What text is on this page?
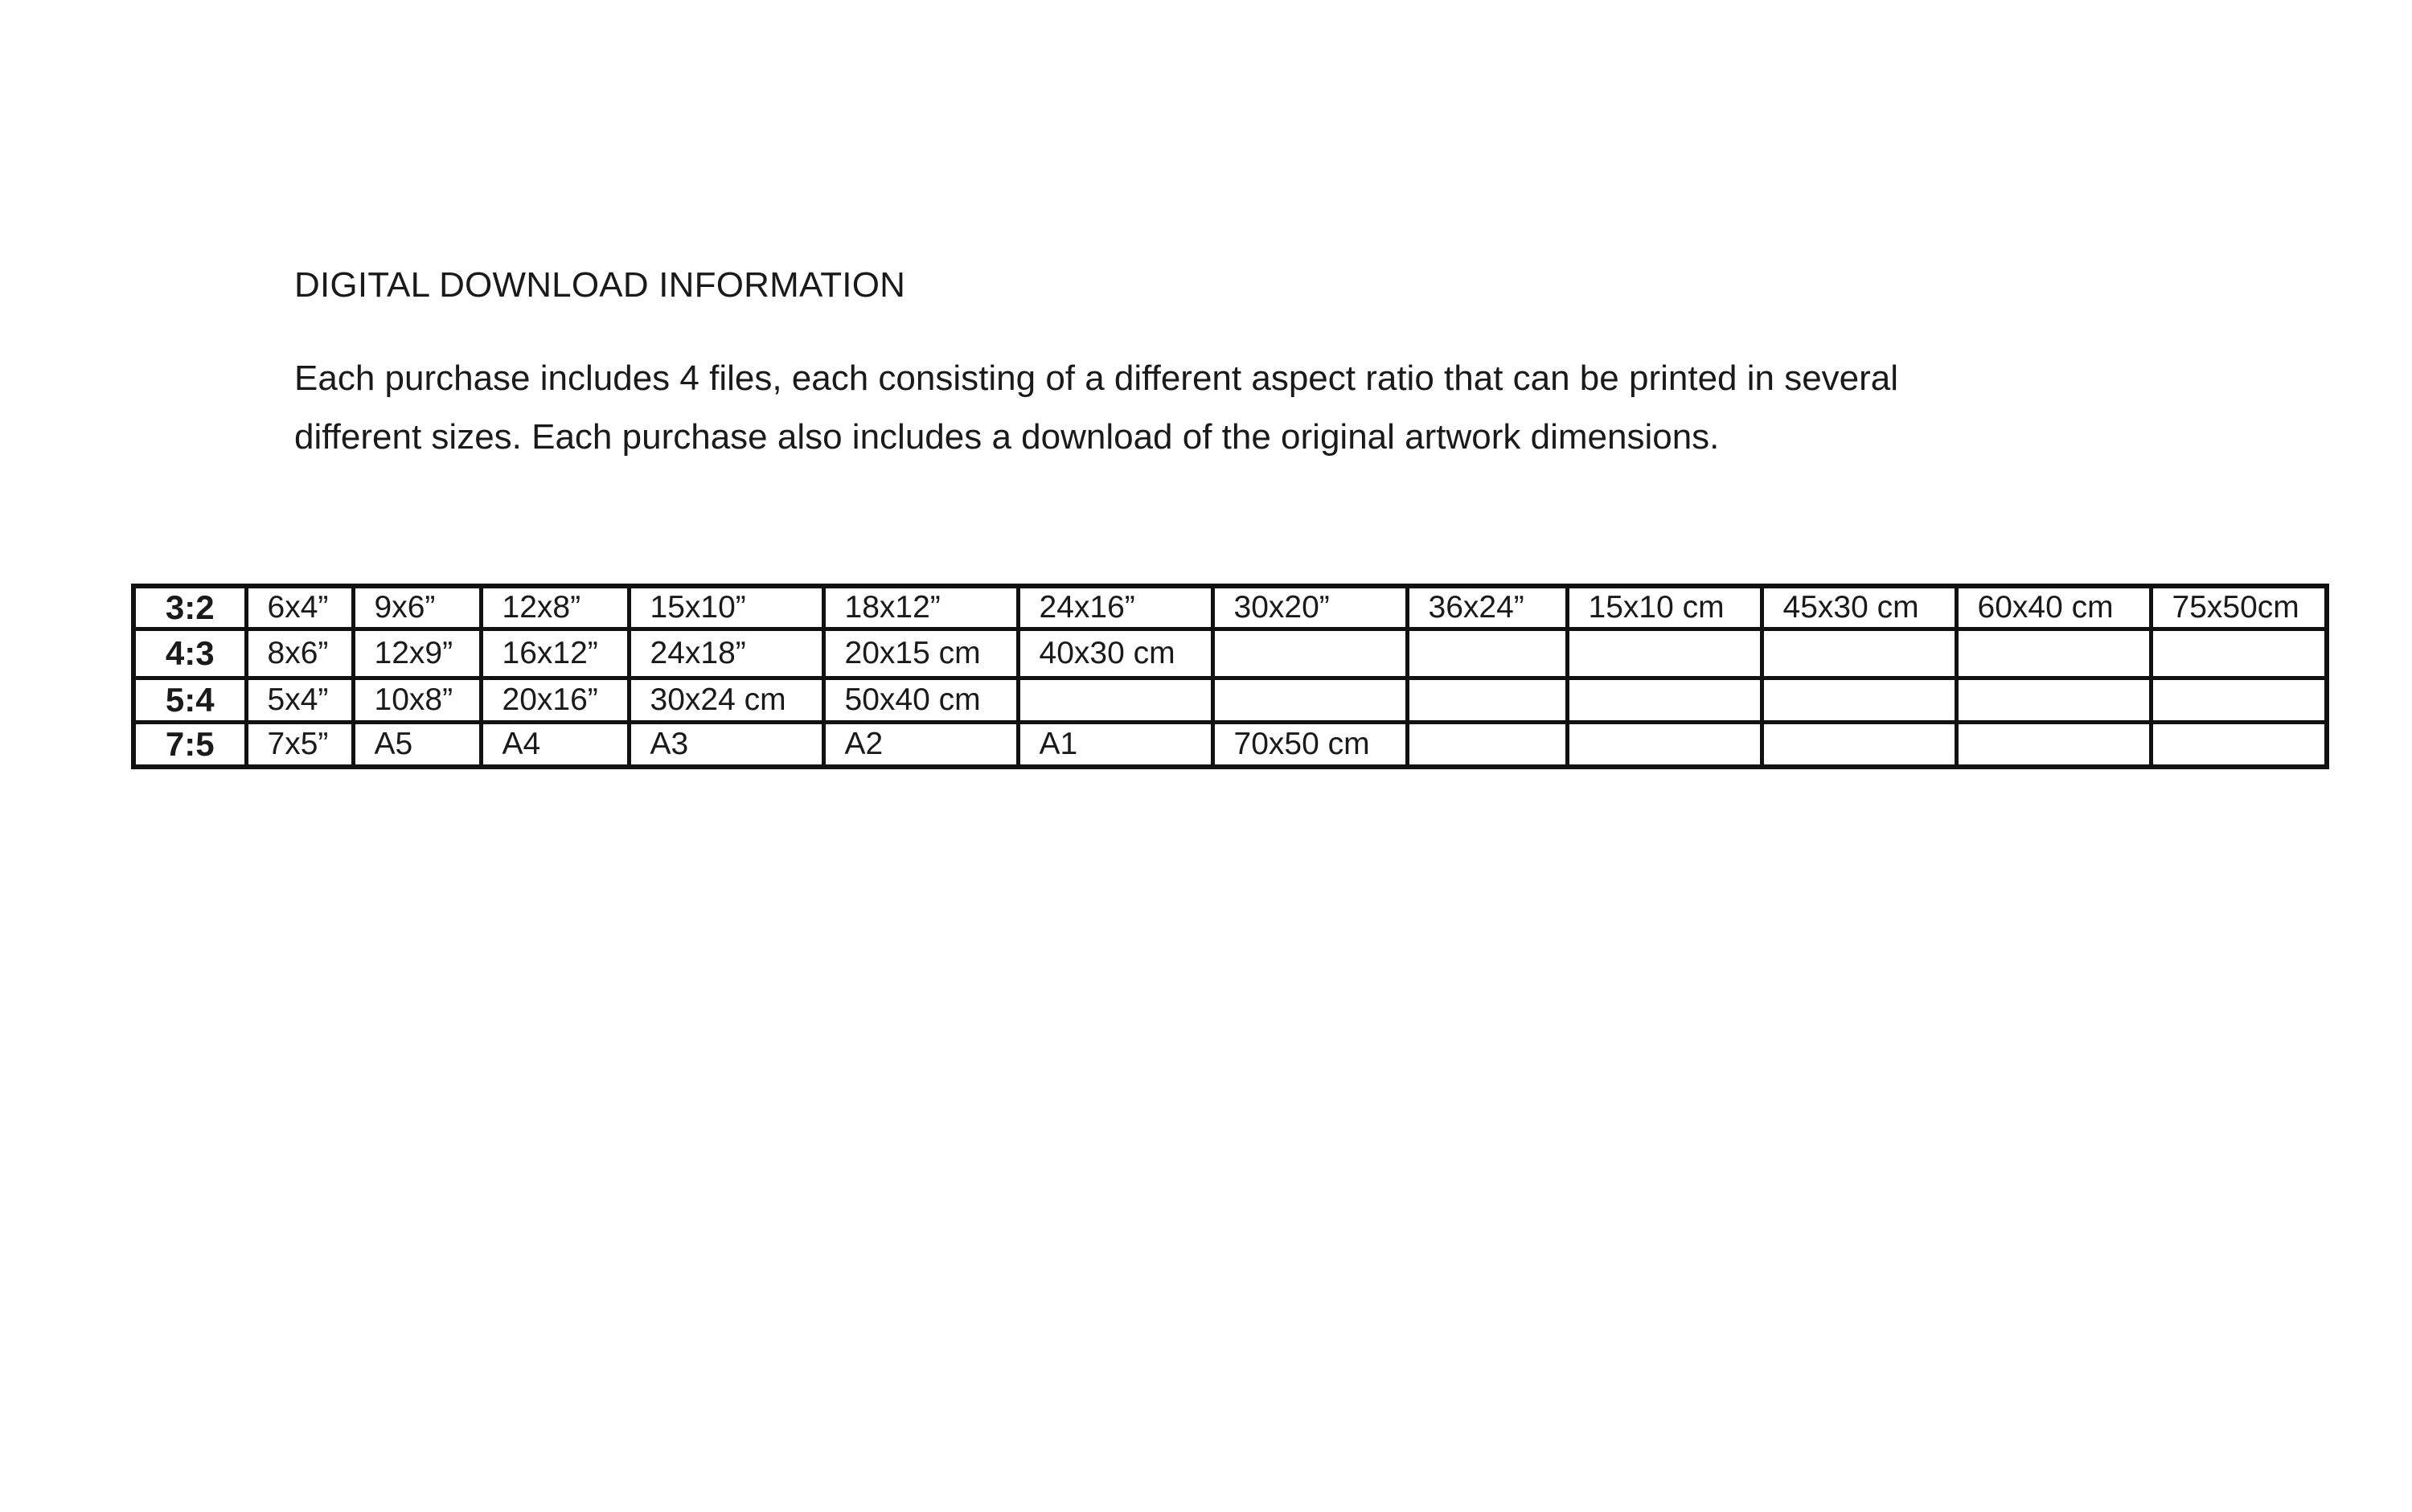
DIGITAL DOWNLOAD INFORMATION
Each purchase includes 4 files, each consisting of a different aspect ratio that can be printed in several
different sizes. Each purchase also includes a download of the original artwork dimensions.
3:2	6x4”	9x6”	12x8”	15x10”	18x12”	24x16”	30x20”	36x24”	15x10 cm	45x30 cm	60x40 cm	75x50cm
4:3	8x6”	12x9”	16x12”	24x18”	20x15 cm	40x30 cm						
5:4	5x4”	10x8”	20x16”	30x24 cm	50x40 cm							
7:5	7x5”	A5	A4	A3	A2	A1	70x50 cm					
